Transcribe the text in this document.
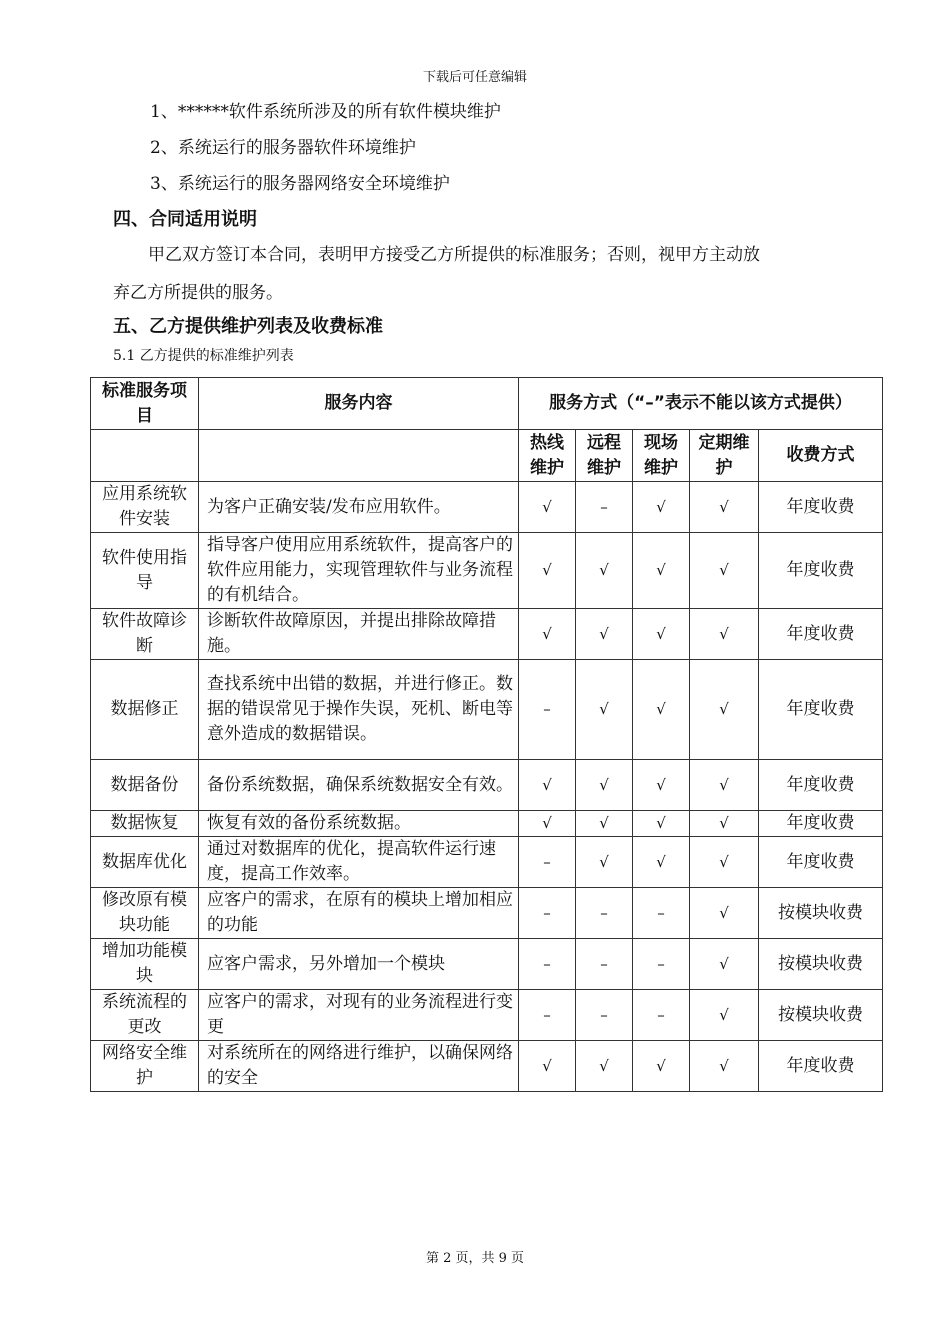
下载后可任意编辑
1、******软件系统所涉及的所有软件模块维护
2、系统运行的服务器软件环境维护
3、系统运行的服务器网络安全环境维护
四、合同适用说明
甲乙双方签订本合同，表明甲方接受乙方所提供的标准服务；否则，视甲方主动放
弃乙方所提供的服务。
五、乙方提供维护列表及收费标准
5.1 乙方提供的标准维护列表
标准服务项目	服务内容	服务方式（“–”表示不能以该方式提供）				
		热线维护	远程维护	现场维护	定期维护	收费方式
应用系统软件安装	为客户正确安装/发布应用软件。	√	–	√	√	年度收费
软件使用指导	指导客户使用应用系统软件，提高客户的软件应用能力，实现管理软件与业务流程的有机结合。	√	√	√	√	年度收费
软件故障诊断	诊断软件故障原因，并提出排除故障措施。	√	√	√	√	年度收费
数据修正	查找系统中出错的数据，并进行修正。数据的错误常见于操作失误，死机、断电等意外造成的数据错误。	–	√	√	√	年度收费
数据备份	备份系统数据，确保系统数据安全有效。	√	√	√	√	年度收费
数据恢复	恢复有效的备份系统数据。	√	√	√	√	年度收费
数据库优化	通过对数据库的优化，提高软件运行速度，提高工作效率。	–	√	√	√	年度收费
修改原有模块功能	应客户的需求，在原有的模块上增加相应的功能	–	–	–	√	按模块收费
增加功能模块	应客户需求，另外增加一个模块	–	–	–	√	按模块收费
系统流程的更改	应客户的需求，对现有的业务流程进行变更	–	–	–	√	按模块收费
网络安全维护	对系统所在的网络进行维护，以确保网络的安全	√	√	√	√	年度收费
第 2 页，共 9 页
